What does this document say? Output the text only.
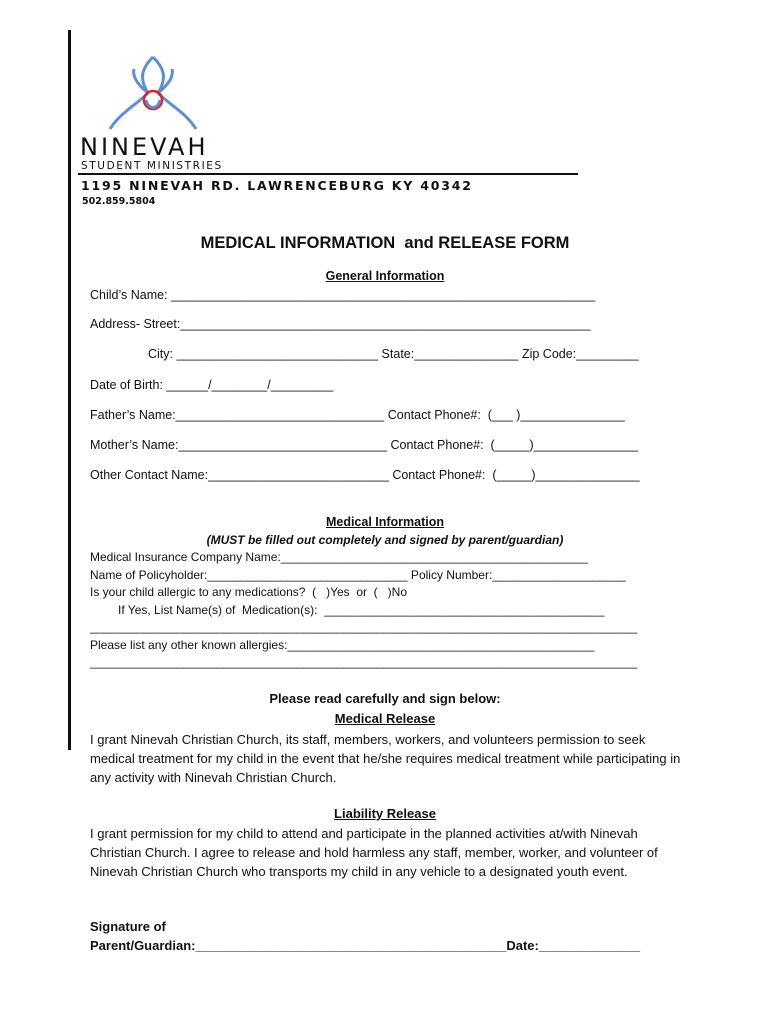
NINEVAH
STUDENT MINISTRIES
1195 NINEVAH RD. LAWRENCEBURG KY 40342
502.859.5804
MEDICAL INFORMATION  and RELEASE FORM
General Information
Child’s Name: _____________________________________________________________
Address- Street:___________________________________________________________
City: _____________________________ State:_______________ Zip Code:_________
Date of Birth: ______/________/_________
Father’s Name:______________________________ Contact Phone#:  (___ )_______________
Mother’s Name:______________________________ Contact Phone#:  (_____)_______________
Other Contact Name:__________________________ Contact Phone#:  (_____)_______________
Medical Information
(MUST be filled out completely and signed by parent/guardian)
Medical Insurance Company Name:______________________________________________
Name of Policyholder:______________________________ Policy Number:____________________
Is your child allergic to any medications?  (   )Yes  or  (   )No
If Yes, List Name(s) of  Medication(s):  __________________________________________
__________________________________________________________________________________
Please list any other known allergies:______________________________________________
__________________________________________________________________________________
Please read carefully and sign below:
Medical Release
I grant Ninevah Christian Church, its staff, members, workers, and volunteers permission to seek medical treatment for my child in the event that he/she requires medical treatment while participating in any activity with Ninevah Christian Church.
Liability Release
I grant permission for my child to attend and participate in the planned activities at/with Ninevah Christian Church. I agree to release and hold harmless any staff, member, worker, and volunteer of Ninevah Christian Church who transports my child in any vehicle to a designated youth event.
Signature of
Parent/Guardian:___________________________________________Date:______________
